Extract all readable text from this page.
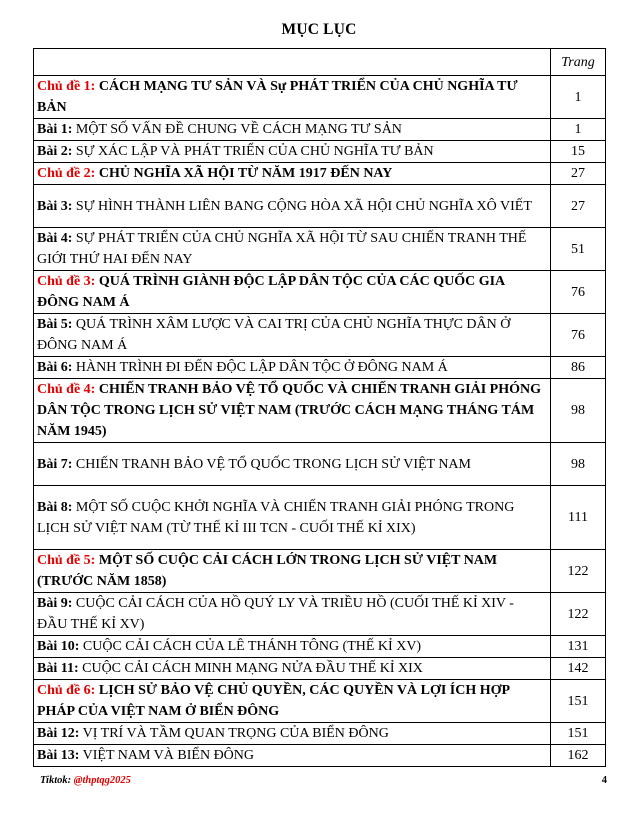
MỤC LỤC
	Trang
Chủ đề 1: CÁCH MẠNG TƯ SẢN VÀ Sự PHÁT TRIỂN CỦA CHỦ NGHĨA TƯ BẢN	1
Bài 1: MỘT SỐ VẤN ĐỀ CHUNG VỀ CÁCH MẠNG TƯ SẢN	1
Bài 2: SỰ XÁC LẬP VÀ PHÁT TRIỂN CỦA CHỦ NGHĨA TƯ BẢN	15
Chủ đề 2: CHỦ NGHĨA XÃ HỘI TỪ NĂM 1917 ĐẾN NAY	27
Bài 3: SỰ HÌNH THÀNH LIÊN BANG CỘNG HÒA XÃ HỘI CHỦ NGHĨA XÔ VIẾT	27
Bài 4: SỰ PHÁT TRIỂN CỦA CHỦ NGHĨA XÃ HỘI TỪ SAU CHIẾN TRANH THẾ GIỚI THỨ HAI ĐẾN NAY	51
Chủ đề 3: QUÁ TRÌNH GIÀNH ĐỘC LẬP DÂN TỘC CỦA CÁC QUỐC GIA ĐÔNG NAM Á	76
Bài 5: QUÁ TRÌNH XÂM LƯỢC VÀ CAI TRỊ CỦA CHỦ NGHĨA THỰC DÂN Ở ĐÔNG NAM Á	76
Bài 6: HÀNH TRÌNH ĐI ĐẾN ĐỘC LẬP DÂN TỘC Ở ĐÔNG NAM Á	86
Chủ đề 4: CHIẾN TRANH BẢO VỆ TỔ QUỐC VÀ CHIẾN TRANH GIẢI PHÓNG DÂN TỘC TRONG LỊCH SỬ VIỆT NAM (TRƯỚC CÁCH MẠNG THÁNG TÁM NĂM 1945)	98
Bài 7: CHIẾN TRANH BẢO VỆ TỔ QUỐC TRONG LỊCH SỬ VIỆT NAM	98
Bài 8: MỘT SỐ CUỘC KHỞI NGHĨA VÀ CHIẾN TRANH GIẢI PHÓNG TRONG LỊCH SỬ VIỆT NAM (TỪ THẾ KỈ III TCN - CUỐI THẾ KỈ XIX)	111
Chủ đề 5: MỘT SỐ CUỘC CẢI CÁCH LỚN TRONG LỊCH SỬ VIỆT NAM (TRƯỚC NĂM 1858)	122
Bài 9: CUỘC CẢI CÁCH CỦA HỒ QUÝ LY VÀ TRIỀU HỒ (CUỐI THẾ KỈ XIV - ĐẦU THẾ KỈ XV)	122
Bài 10: CUỘC CẢI CÁCH CỦA LÊ THÁNH TÔNG (THẾ KỈ XV)	131
Bài 11: CUỘC CẢI CÁCH MINH MẠNG NỬA ĐẦU THẾ KỈ XIX	142
Chủ đề 6: LỊCH SỬ BẢO VỆ CHỦ QUYỀN, CÁC QUYỀN VÀ LỢI ÍCH HỢP PHÁP CỦA VIỆT NAM Ở BIỂN ĐÔNG	151
Bài 12: VỊ TRÍ VÀ TẦM QUAN TRỌNG CỦA BIỂN ĐÔNG	151
Bài 13: VIỆT NAM VÀ BIỂN ĐÔNG	162
Tiktok: @thptqg2025	4
